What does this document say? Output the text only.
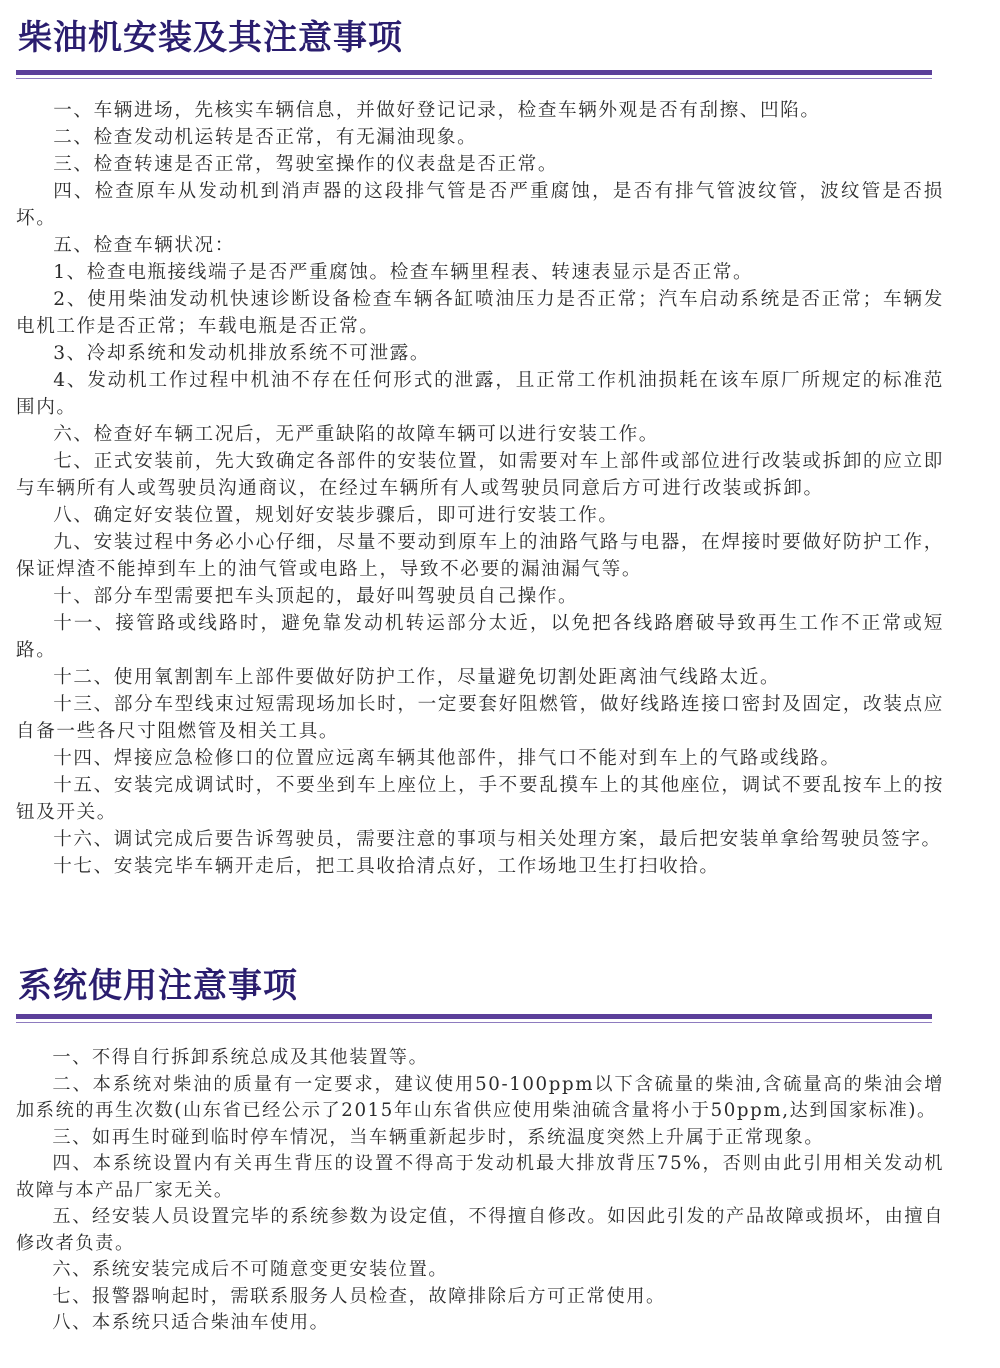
柴油机安装及其注意事项

一、车辆进场，先核实车辆信息，并做好登记记录，检查车辆外观是否有刮擦、凹陷。

二、检查发动机运转是否正常，有无漏油现象。

三、检查转速是否正常，驾驶室操作的仪表盘是否正常。

四、检查原车从发动机到消声器的这段排气管是否严重腐蚀，是否有排气管波纹管，波纹管是否损坏。

五、检查车辆状况：

1、检查电瓶接线端子是否严重腐蚀。检查车辆里程表、转速表显示是否正常。

2、使用柴油发动机快速诊断设备检查车辆各缸喷油压力是否正常；汽车启动系统是否正常；车辆发电机工作是否正常；车载电瓶是否正常。

3、冷却系统和发动机排放系统不可泄露。

4、发动机工作过程中机油不存在任何形式的泄露，且正常工作机油损耗在该车原厂所规定的标准范围内。

六、检查好车辆工况后，无严重缺陷的故障车辆可以进行安装工作。

七、正式安装前，先大致确定各部件的安装位置，如需要对车上部件或部位进行改装或拆卸的应立即与车辆所有人或驾驶员沟通商议，在经过车辆所有人或驾驶员同意后方可进行改装或拆卸。

八、确定好安装位置，规划好安装步骤后，即可进行安装工作。

九、安装过程中务必小心仔细，尽量不要动到原车上的油路气路与电器，在焊接时要做好防护工作，保证焊渣不能掉到车上的油气管或电路上，导致不必要的漏油漏气等。

十、部分车型需要把车头顶起的，最好叫驾驶员自己操作。

十一、接管路或线路时，避免靠发动机转运部分太近，以免把各线路磨破导致再生工作不正常或短路。

十二、使用氧割割车上部件要做好防护工作，尽量避免切割处距离油气线路太近。

十三、部分车型线束过短需现场加长时，一定要套好阻燃管，做好线路连接口密封及固定，改装点应自备一些各尺寸阻燃管及相关工具。

十四、焊接应急检修口的位置应远离车辆其他部件，排气口不能对到车上的气路或线路。

十五、安装完成调试时，不要坐到车上座位上，手不要乱摸车上的其他座位，调试不要乱按车上的按钮及开关。

十六、调试完成后要告诉驾驶员，需要注意的事项与相关处理方案，最后把安装单拿给驾驶员签字。

十七、安装完毕车辆开走后，把工具收拾清点好，工作场地卫生打扫收拾。

系统使用注意事项

一、不得自行拆卸系统总成及其他装置等。

二、本系统对柴油的质量有一定要求，建议使用50-100ppm以下含硫量的柴油,含硫量高的柴油会增加系统的再生次数(山东省已经公示了2015年山东省供应使用柴油硫含量将小于50ppm,达到国家标准)。

三、如再生时碰到临时停车情况，当车辆重新起步时，系统温度突然上升属于正常现象。

四、本系统设置内有关再生背压的设置不得高于发动机最大排放背压75%，否则由此引用相关发动机故障与本产品厂家无关。

五、经安装人员设置完毕的系统参数为设定值，不得擅自修改。如因此引发的产品故障或损坏，由擅自修改者负责。

六、系统安装完成后不可随意变更安装位置。

七、报警器响起时，需联系服务人员检查，故障排除后方可正常使用。

八、本系统只适合柴油车使用。
